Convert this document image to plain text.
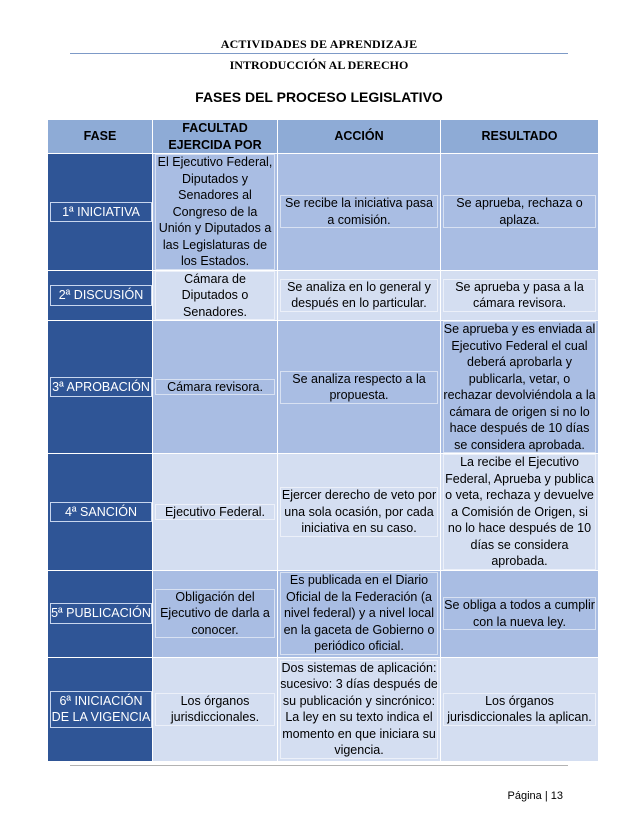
ACTIVIDADES DE APRENDIZAJE
INTRODUCCIÓN AL DERECHO
FASES DEL PROCESO LEGISLATIVO
FASE	FACULTAD EJERCIDA POR	ACCIÓN	RESULTADO
1ª INICIATIVA	El Ejecutivo Federal, Diputados y Senadores al Congreso de la Unión y Diputados a las Legislaturas de los Estados.	Se recibe la iniciativa pasa a comisión.	Se aprueba, rechaza o aplaza.
2ª DISCUSIÓN	Cámara de Diputados o Senadores.	Se analiza en lo general y después en lo particular.	Se aprueba y pasa a la cámara revisora.
3ª APROBACIÓN	Cámara revisora.	Se analiza respecto a la propuesta.	Se aprueba y es enviada al Ejecutivo Federal el cual deberá aprobarla y publicarla, vetar, o rechazar devolviéndola a la cámara de origen si no lo hace después de 10 días se considera aprobada.
4ª SANCIÓN	Ejecutivo Federal.	Ejercer derecho de veto por una sola ocasión, por cada iniciativa en su caso.	La recibe el Ejecutivo Federal, Aprueba y publica o veta, rechaza y devuelve a Comisión de Origen, si no lo hace después de 10 días se considera aprobada.
5ª PUBLICACIÓN	Obligación del Ejecutivo de darla a conocer.	Es publicada en el Diario Oficial de la Federación (a nivel federal) y a nivel local en la gaceta de Gobierno o periódico oficial.	Se obliga a todos a cumplir con la nueva ley.
6ª INICIACIÓN DE LA VIGENCIA	Los órganos jurisdiccionales.	Dos sistemas de aplicación: sucesivo: 3 días después de su publicación y sincrónico: La ley en su texto indica el momento en que iniciara su vigencia.	Los órganos jurisdiccionales la aplican.
Página | 13
